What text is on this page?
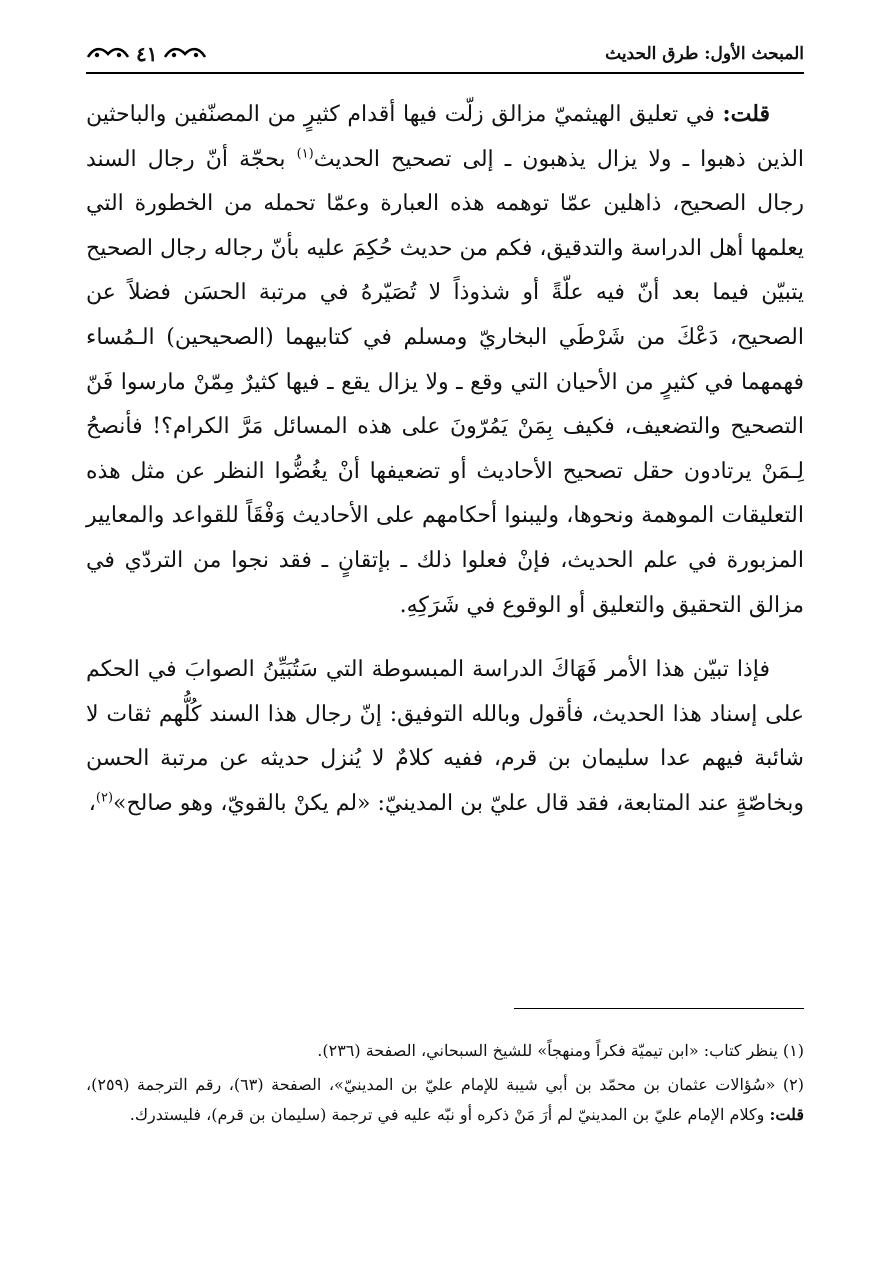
المبحث الأول: طرق الحديث
٤١

قلت: في تعليق الهيثميّ مزالق زلّت فيها أقدام كثيرٍ من المصنّفين والباحثين الذين ذهبوا ـ ولا يزال يذهبون ـ إلى تصحيح الحديث$^{(١)}$ بحجّة أنّ رجال السند رجال الصحيح، ذاهلين عمّا توهمه هذه العبارة وعمّا تحمله من الخطورة التي يعلمها أهل الدراسة والتدقيق، فكم من حديث حُكِمَ عليه بأنّ رجاله رجال الصحيح يتبيّن فيما بعد أنّ فيه علّةً أو شذوذاً لا تُصَيّرهُ في مرتبة الحسَن فضلاً عن الصحيح، دَعْكَ من شَرْطَي البخاريّ ومسلم في كتابيهما (الصحيحين) الـمُساء فهمهما في كثيرٍ من الأحيان التي وقع ـ ولا يزال يقع ـ فيها كثيرٌ مِمّنْ مارسوا فَنّ التصحيح والتضعيف، فكيف بِمَنْ يَمُرّونَ على هذه المسائل مَرَّ الكرام؟! فأنصحُ لِـمَنْ يرتادون حقل تصحيح الأحاديث أو تضعيفها أنْ يغُضُّوا النظر عن مثل هذه التعليقات الموهمة ونحوها، وليبنوا أحكامهم على الأحاديث وَفْقَاً للقواعد والمعايير المزبورة في علم الحديث، فإنْ فعلوا ذلك ـ بإتقانٍ ـ فقد نجوا من التردّي في مزالق التحقيق والتعليق أو الوقوع في شَرَكِهِ.

فإذا تبيّن هذا الأمر فَهَاكَ الدراسة المبسوطة التي سَتُبَيِّنُ الصوابَ في الحكم على إسناد هذا الحديث، فأقول وبالله التوفيق: إنّ رجال هذا السند كُلُّهم ثقات لا شائبة فيهم عدا سليمان بن قرم، ففيه كلامٌ لا يُنزل حديثه عن مرتبة الحسن وبخاصّةٍ عند المتابعة، فقد قال عليّ بن المدينيّ: «لم يكنْ بالقويّ، وهو صالح»$^{(٢)}$،

(١) ينظر كتاب: «ابن تيميّة فكراً ومنهجاً» للشيخ السبحاني، الصفحة (٢٣٦).

(٢) «سُؤالات عثمان بن محمّد بن أبي شيبة للإمام عليّ بن المدينيّ»، الصفحة (٦٣)، رقم الترجمة (٢٥٩)، قلت: وكلام الإمام عليّ بن المدينيّ لم أرَ مَنْ ذكره أو نبّه عليه في ترجمة (سليمان بن قرم)، فليستدرك.
